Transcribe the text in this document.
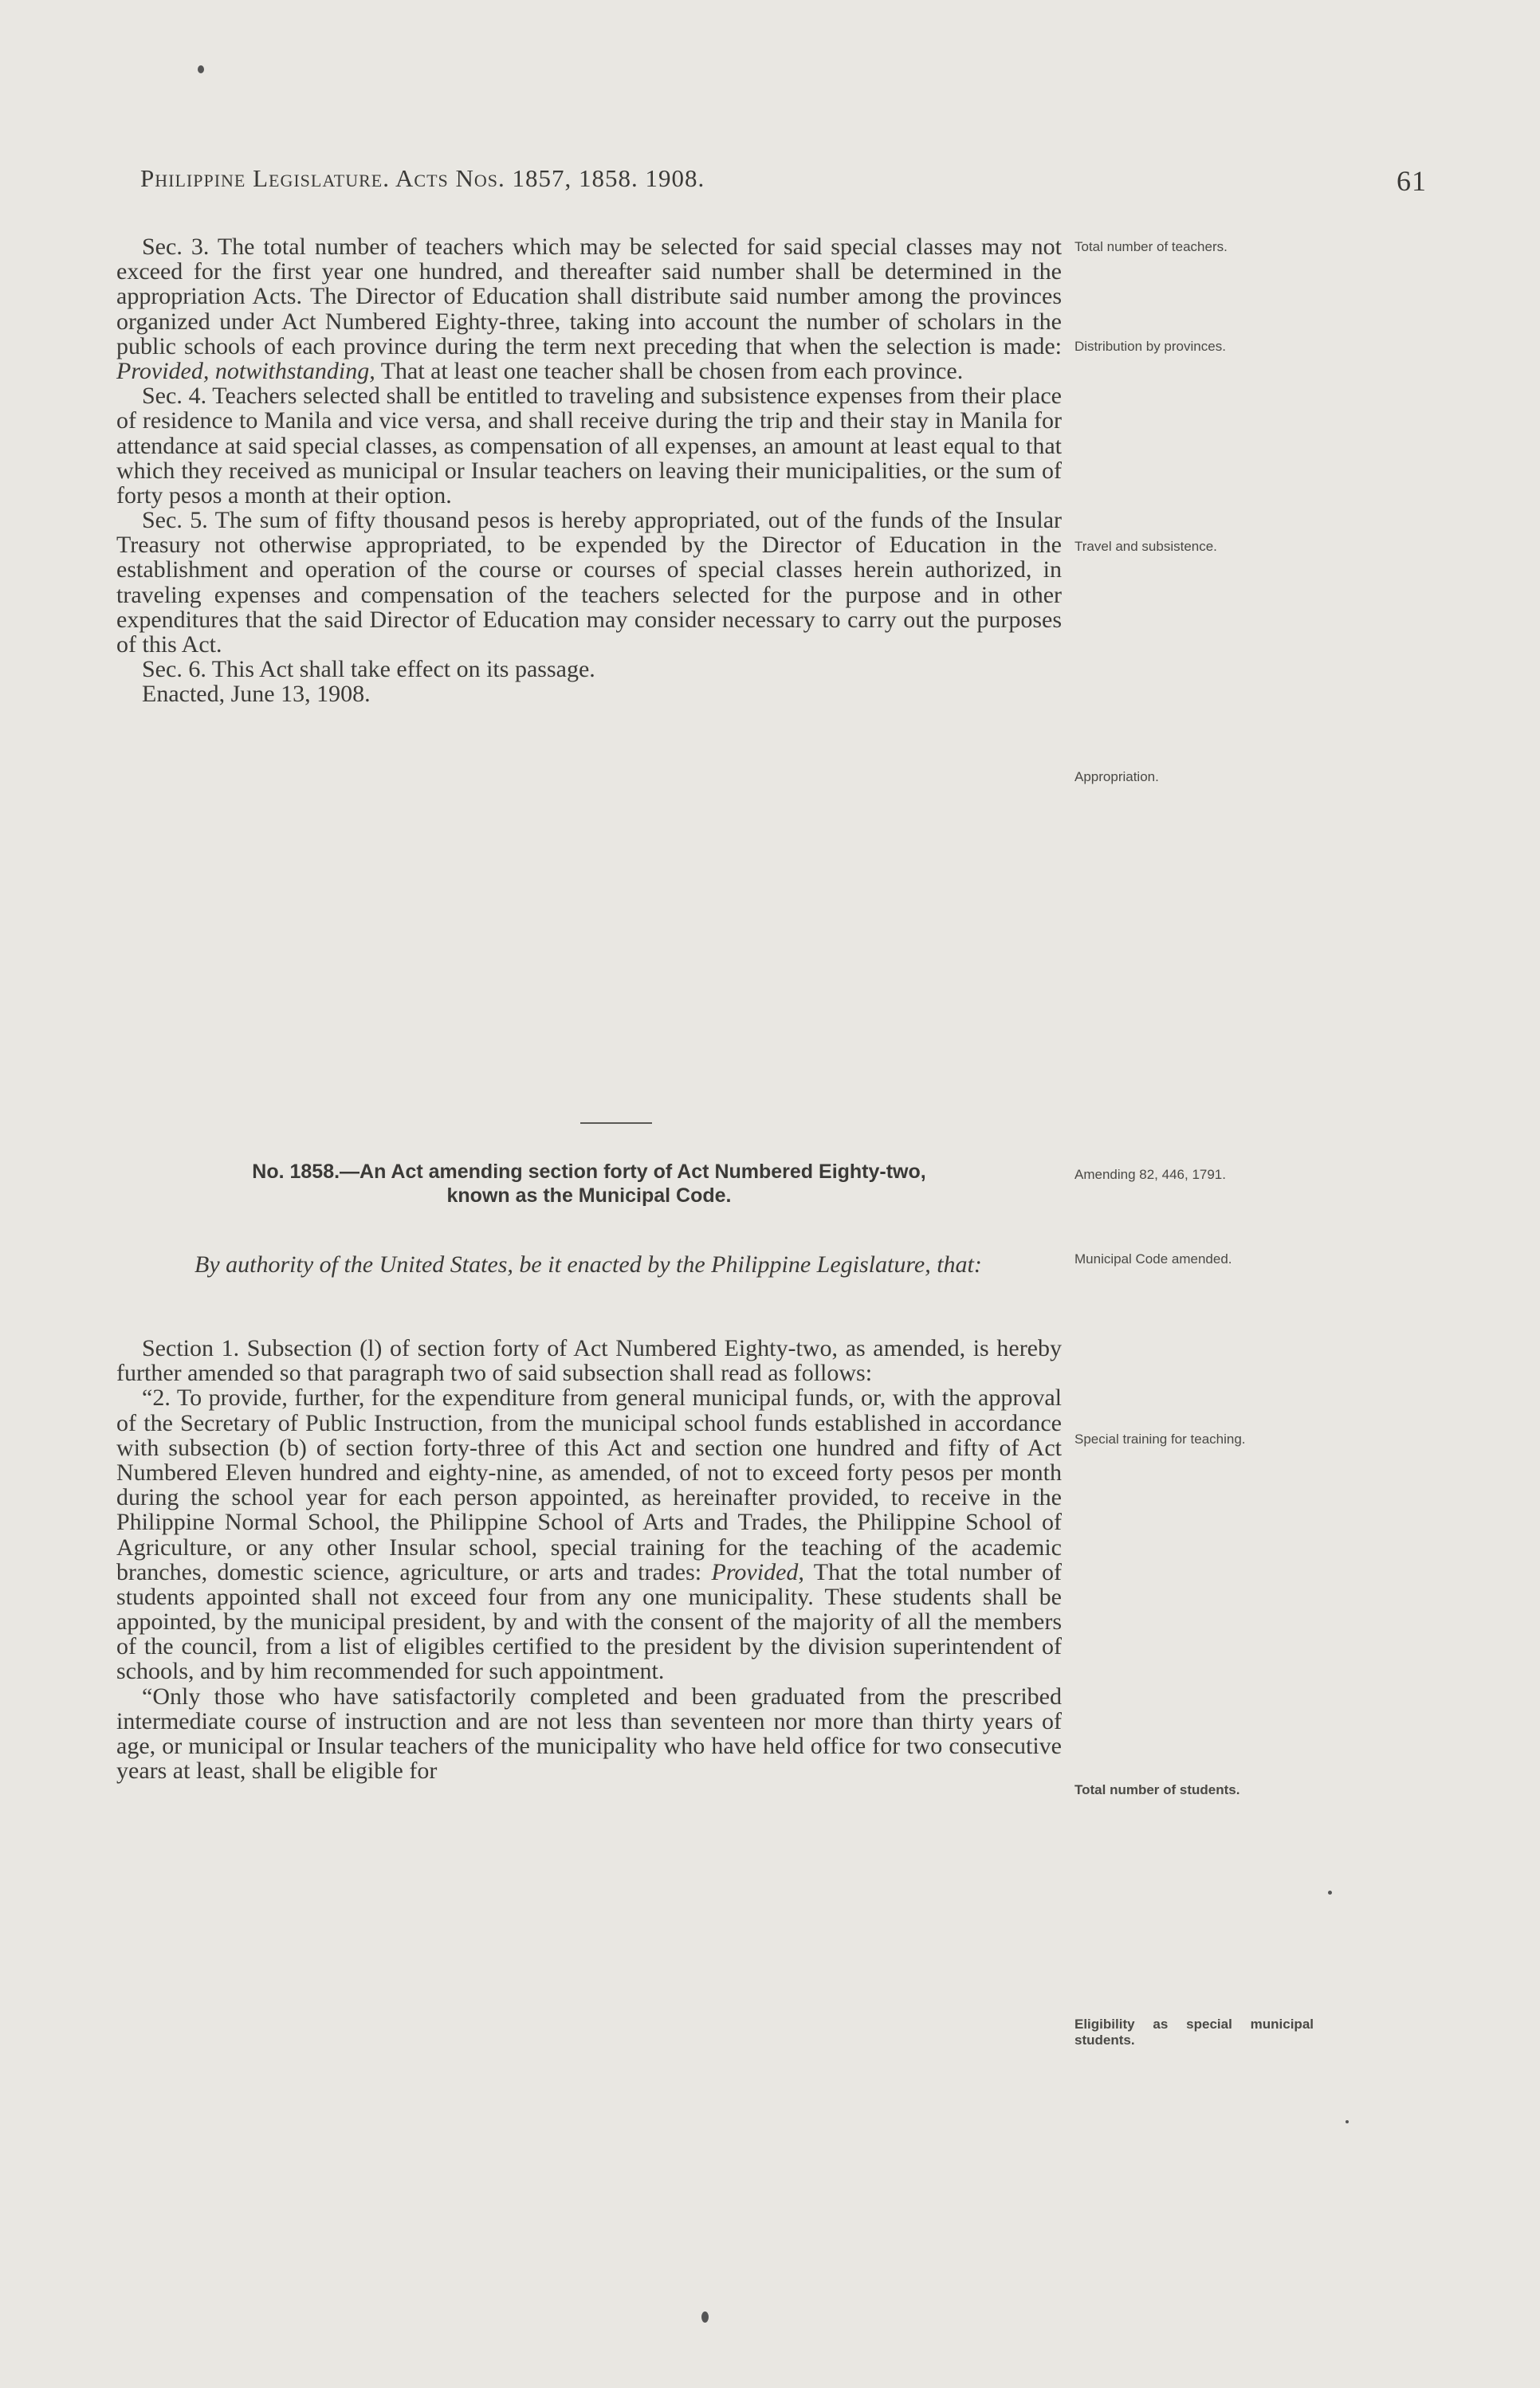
Philippine Legislature. Acts Nos. 1857, 1858. 1908.	61

Sec. 3. The total number of teachers which may be selected for said special classes may not exceed for the first year one hundred, and thereafter said number shall be determined in the appropriation Acts. The Director of Education shall distribute said number among the provinces organized under Act Numbered Eighty-three, taking into account the number of scholars in the public schools of each province during the term next preceding that when the selection is made: Provided, notwithstanding, That at least one teacher shall be chosen from each province.

Sec. 4. Teachers selected shall be entitled to traveling and subsistence expenses from their place of residence to Manila and vice versa, and shall receive during the trip and their stay in Manila for attendance at said special classes, as compensation of all expenses, an amount at least equal to that which they received as municipal or Insular teachers on leaving their municipalities, or the sum of forty pesos a month at their option.

Sec. 5. The sum of fifty thousand pesos is hereby appropriated, out of the funds of the Insular Treasury not otherwise appropriated, to be expended by the Director of Education in the establishment and operation of the course or courses of special classes herein authorized, in traveling expenses and compensation of the teachers selected for the purpose and in other expenditures that the said Director of Education may consider necessary to carry out the purposes of this Act.

Sec. 6. This Act shall take effect on its passage.

Enacted, June 13, 1908.

No. 1858.—An Act amending section forty of Act Numbered Eighty-two,
known as the Municipal Code.
By authority of the United States, be it enacted by the Philippine Legislature, that:

Section 1. Subsection (l) of section forty of Act Numbered Eighty-two, as amended, is hereby further amended so that paragraph two of said subsection shall read as follows:

“2. To provide, further, for the expenditure from general municipal funds, or, with the approval of the Secretary of Public Instruction, from the municipal school funds established in accordance with subsection (b) of section forty-three of this Act and section one hundred and fifty of Act Numbered Eleven hundred and eighty-nine, as amended, of not to exceed forty pesos per month during the school year for each person appointed, as hereinafter provided, to receive in the Philippine Normal School, the Philippine School of Arts and Trades, the Philippine School of Agriculture, or any other Insular school, special training for the teaching of the academic branches, domestic science, agriculture, or arts and trades: Provided, That the total number of students appointed shall not exceed four from any one municipality. These students shall be appointed, by the municipal president, by and with the consent of the majority of all the members of the council, from a list of eligibles certified to the president by the division superintendent of schools, and by him recommended for such appointment.

“Only those who have satisfactorily completed and been graduated from the prescribed intermediate course of instruction and are not less than seventeen nor more than thirty years of age, or municipal or Insular teachers of the municipality who have held office for two consecutive years at least, shall be eligible for

Total number of teachers.
Distribution by provinces.
Travel and subsistence.
Appropriation.
Amending 82, 446, 1791.
Municipal Code amended.
Special training for teaching.
Total number of students.
Eligibility as special municipal students.
